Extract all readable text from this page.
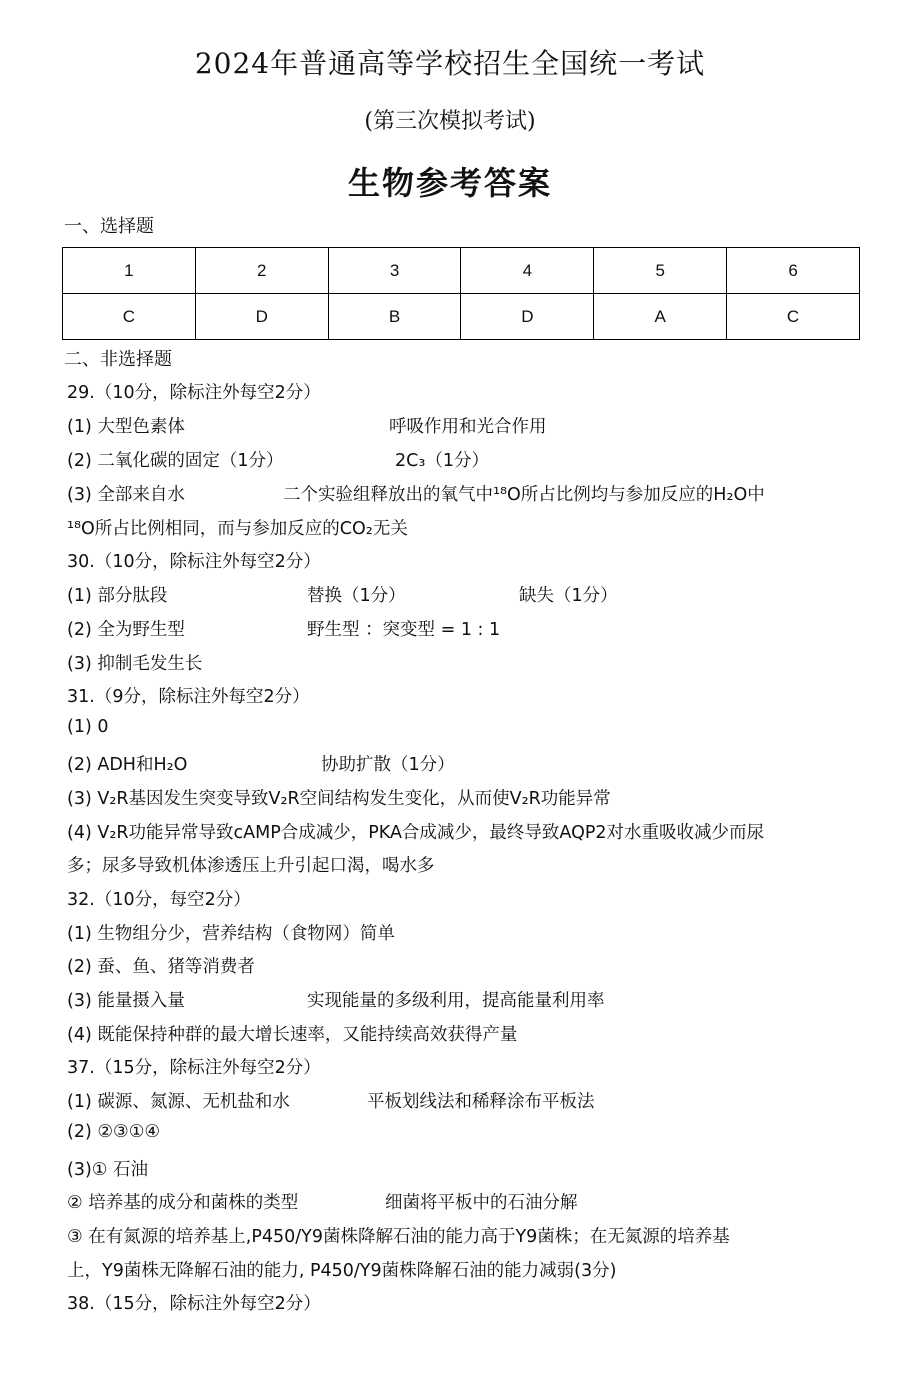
2024年普通高等学校招生全国统一考试
(第三次模拟考试)
生物参考答案
一、选择题
1	2	3	4	5	6
C	D	B	D	A	C
二、非选择题
29.（10分，除标注外每空2分）
(1) 大型色素体	呼吸作用和光合作用
(2) 二氧化碳的固定（1分）	2C₃（1分）
(3) 全部来自水	二个实验组释放出的氧气中¹⁸O所占比例均与参加反应的H₂O中
¹⁸O所占比例相同，而与参加反应的CO₂无关
30.（10分，除标注外每空2分）
(1) 部分肽段	替换（1分）	缺失（1分）
(2) 全为野生型	野生型 ：突变型 = 1 : 1
(3) 抑制毛发生长
31.（9分，除标注外每空2分）
(1) 0
(2) ADH和H₂O	协助扩散（1分）
(3) V₂R基因发生突变导致V₂R空间结构发生变化，从而使V₂R功能异常
(4) V₂R功能异常导致cAMP合成减少，PKA合成减少，最终导致AQP2对水重吸收减少而尿
多；尿多导致机体渗透压上升引起口渴，喝水多
32.（10分，每空2分）
(1) 生物组分少，营养结构（食物网）简单
(2) 蚕、鱼、猪等消费者
(3) 能量摄入量	实现能量的多级利用，提高能量利用率
(4) 既能保持种群的最大增长速率，又能持续高效获得产量
37.（15分，除标注外每空2分）
(1) 碳源、氮源、无机盐和水	平板划线法和稀释涂布平板法
(2) ②③①④
(3)① 石油
② 培养基的成分和菌株的类型	细菌将平板中的石油分解
③ 在有氮源的培养基上,P450/Y9菌株降解石油的能力高于Y9菌株；在无氮源的培养基
上，Y9菌株无降解石油的能力, P450/Y9菌株降解石油的能力减弱(3分)
38.（15分，除标注外每空2分）
